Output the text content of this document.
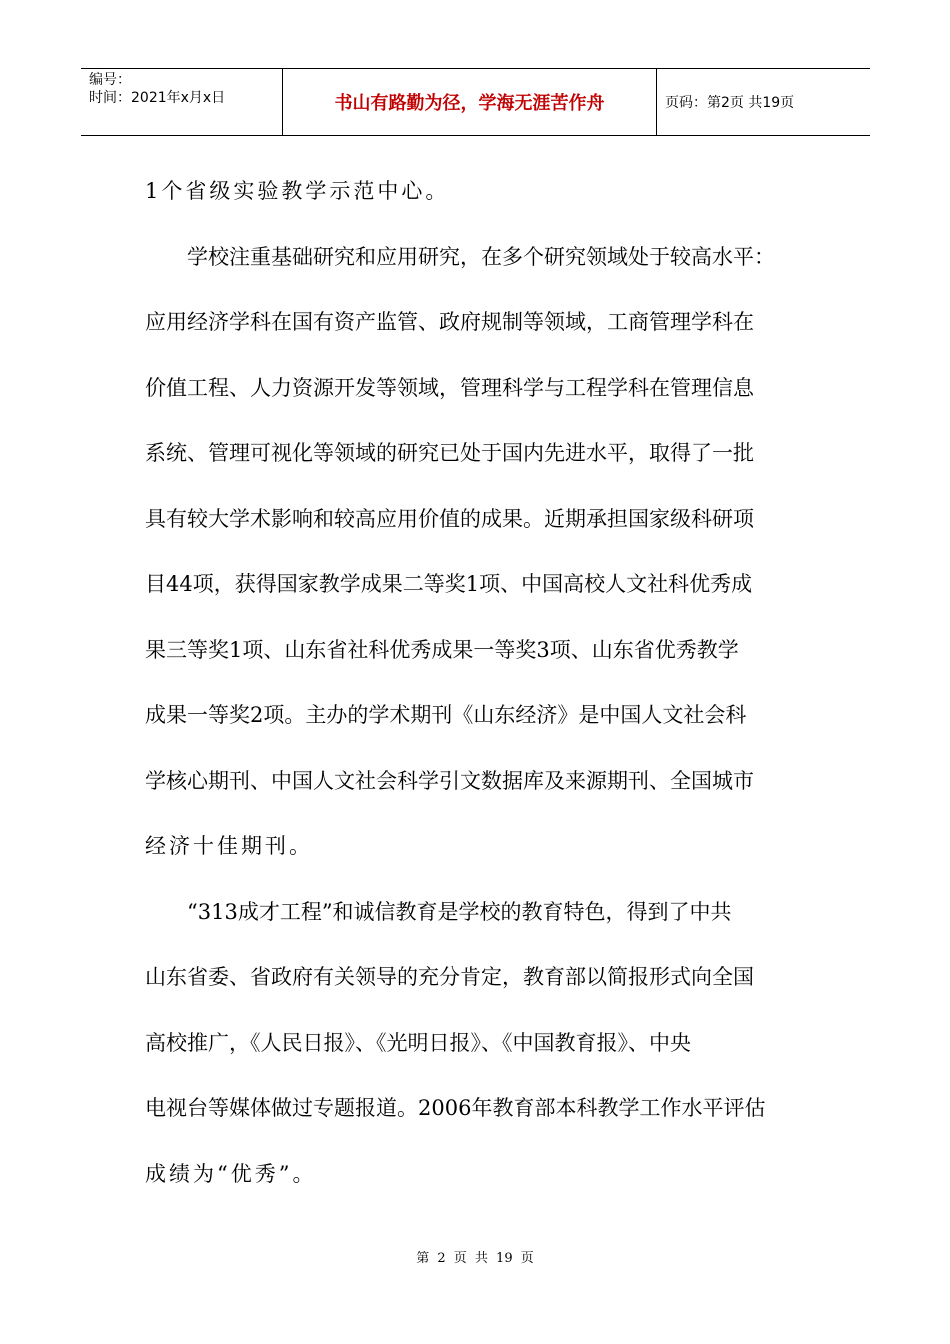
编号：
时间：2021年x月x日	书山有路勤为径，学海无涯苦作舟	页码：第2页 共19页
1个省级实验教学示范中心。
学校注重基础研究和应用研究，在多个研究领域处于较高水平：
应用经济学科在国有资产监管、政府规制等领域，工商管理学科在
价值工程、人力资源开发等领域，管理科学与工程学科在管理信息
系统、管理可视化等领域的研究已处于国内先进水平，取得了一批
具有较大学术影响和较高应用价值的成果。近期承担国家级科研项
目44项，获得国家教学成果二等奖1项、中国高校人文社科优秀成
果三等奖1项、山东省社科优秀成果一等奖3项、山东省优秀教学
成果一等奖2项。主办的学术期刊《山东经济》是中国人文社会科
学核心期刊、中国人文社会科学引文数据库及来源期刊、全国城市
经济十佳期刊。
“313成才工程”和诚信教育是学校的教育特色，得到了中共
山东省委、省政府有关领导的充分肯定，教育部以简报形式向全国
高校推广，《人民日报》、《光明日报》、《中国教育报》、中央
电视台等媒体做过专题报道。2006年教育部本科教学工作水平评估
成绩为“优秀”。
第 2 页 共 19 页
